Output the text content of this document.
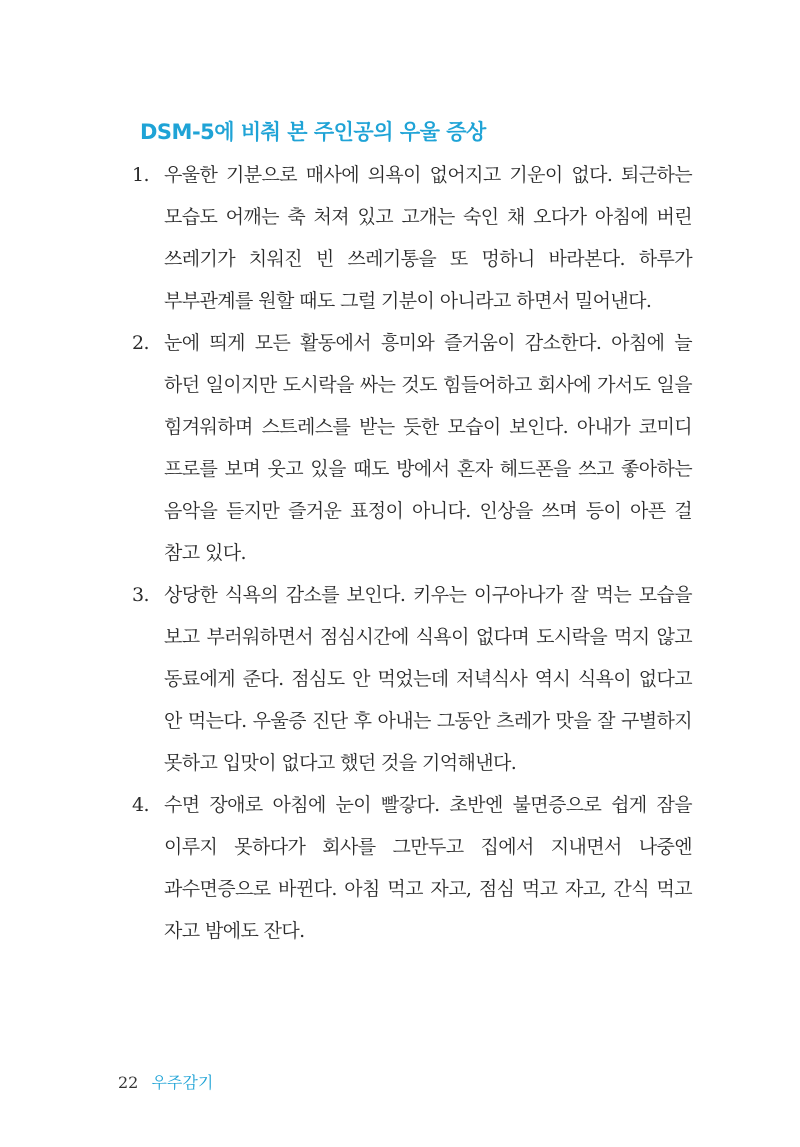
DSM-5에 비춰 본 주인공의 우울 증상
1. 우울한 기분으로 매사에 의욕이 없어지고 기운이 없다. 퇴근하는 모습도 어깨는 축 처져 있고 고개는 숙인 채 오다가 아침에 버린 쓰레기가 치워진 빈 쓰레기통을 또 멍하니 바라본다. 하루가 부부관계를 원할 때도 그럴 기분이 아니라고 하면서 밀어낸다.
2. 눈에 띄게 모든 활동에서 흥미와 즐거움이 감소한다. 아침에 늘 하던 일이지만 도시락을 싸는 것도 힘들어하고 회사에 가서도 일을 힘겨워하며 스트레스를 받는 듯한 모습이 보인다. 아내가 코미디 프로를 보며 웃고 있을 때도 방에서 혼자 헤드폰을 쓰고 좋아하는 음악을 듣지만 즐거운 표정이 아니다. 인상을 쓰며 등이 아픈 걸 참고 있다.
3. 상당한 식욕의 감소를 보인다. 키우는 이구아나가 잘 먹는 모습을 보고 부러워하면서 점심시간에 식욕이 없다며 도시락을 먹지 않고 동료에게 준다. 점심도 안 먹었는데 저녁식사 역시 식욕이 없다고 안 먹는다. 우울증 진단 후 아내는 그동안 츠레가 맛을 잘 구별하지 못하고 입맛이 없다고 했던 것을 기억해낸다.
4. 수면 장애로 아침에 눈이 빨갛다. 초반엔 불면증으로 쉽게 잠을 이루지 못하다가 회사를 그만두고 집에서 지내면서 나중엔 과수면증으로 바뀐다. 아침 먹고 자고, 점심 먹고 자고, 간식 먹고 자고 밤에도 잔다.
22 우주감기
